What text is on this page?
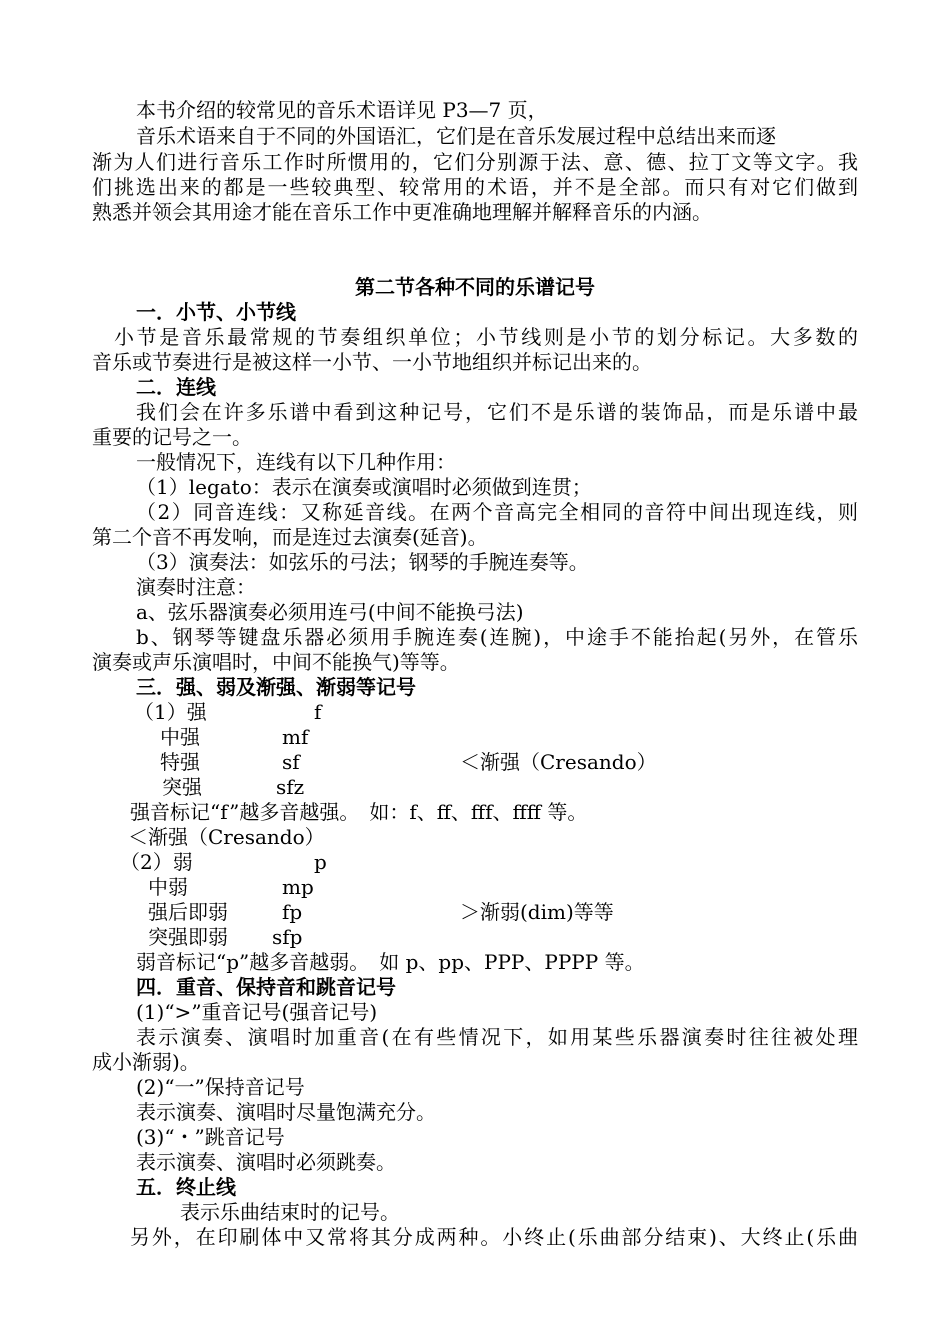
本书介绍的较常见的音乐术语详见 P3—7 页，
音乐术语来自于不同的外国语汇，它们是在音乐发展过程中总结出来而逐
渐为人们进行音乐工作时所惯用的，它们分别源于法、意、德、拉丁文等文字。我
们挑选出来的都是一些较典型、较常用的术语，并不是全部。而只有对它们做到
熟悉并领会其用途才能在音乐工作中更准确地理解并解释音乐的内涵。
第二节各种不同的乐谱记号
一．小节、小节线
小节是音乐最常规的节奏组织单位；小节线则是小节的划分标记。大多数的
音乐或节奏进行是被这样一小节、一小节地组织并标记出来的。
二．连线
我们会在许多乐谱中看到这种记号，它们不是乐谱的装饰品，而是乐谱中最
重要的记号之一。
一般情况下，连线有以下几种作用：
（1）legato：表示在演奏或演唱时必须做到连贯；
（2）同音连线：又称延音线。在两个音高完全相同的音符中间出现连线，则
第二个音不再发响，而是连过去演奏(延音)。
（3）演奏法：如弦乐的弓法；钢琴的手腕连奏等。
演奏时注意：
a、弦乐器演奏必须用连弓(中间不能换弓法)
b、钢琴等键盘乐器必须用手腕连奏(连腕)，中途手不能抬起(另外，在管乐
演奏或声乐演唱时，中间不能换气)等等。
三．强、弱及渐强、渐弱等记号
（1）强	f
中强	mf
特强	sf	＜渐强（Cresando）
突强	sfz
强音标记“f”越多音越强。　如：f、ff、fff、ffff 等。
＜渐强（Cresando）
（2）弱	p
中弱	mp
强后即弱	fp	＞渐弱(dim)等等
突强即弱 sfp
弱音标记“p”越多音越弱。　如 p、pp、PPP、PPPP 等。
四．重音、保持音和跳音记号
(1)“>”重音记号(强音记号)
表示演奏、演唱时加重音(在有些情况下，如用某些乐器演奏时往往被处理
成小渐弱)。
(2)“一”保持音记号
表示演奏、演唱时尽量饱满充分。
(3)“・”跳音记号
表示演奏、演唱时必须跳奏。
五．终止线
表示乐曲结束时的记号。
另外，在印刷体中又常将其分成两种。小终止(乐曲部分结束)、大终止(乐曲
